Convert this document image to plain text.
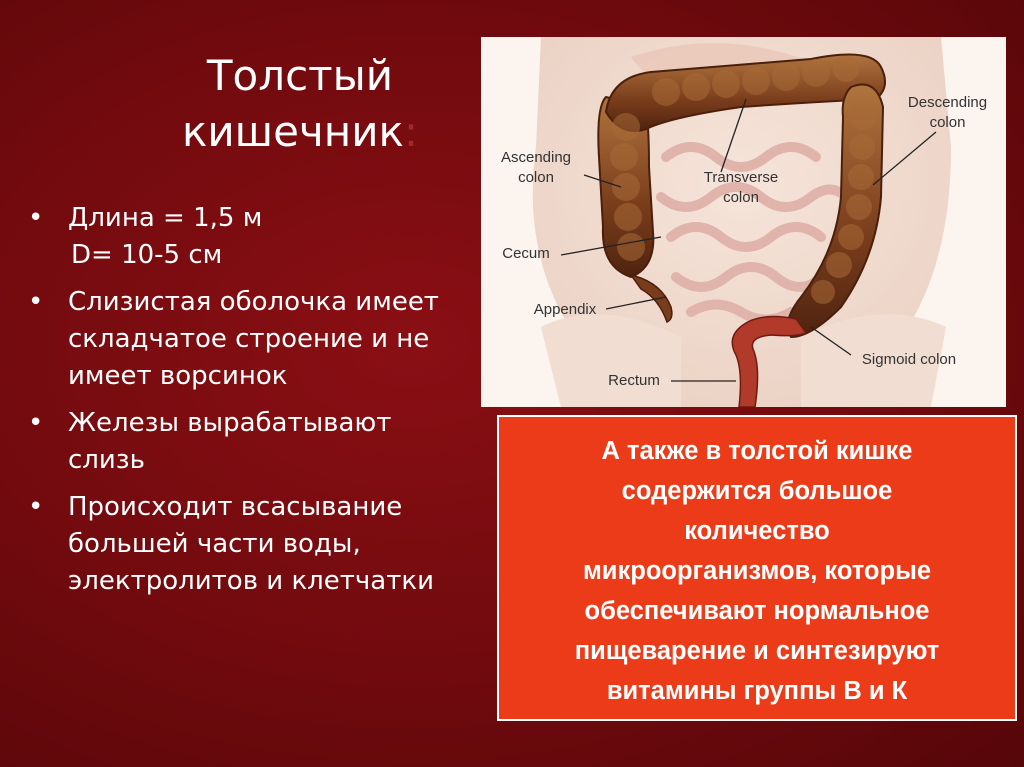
Толстый
кишечник:
• Длина = 1,5 м
D= 10-5 см
• Слизистая оболочка имеет складчатое строение и не имеет ворсинок
• Железы вырабатывают слизь
• Происходит всасывание большей части воды, электролитов и клетчатки
Ascending
colon	Transverse
colon
Descending
colon
Cecum
Appendix
Sigmoid colon
Rectum
А также в толстой кишке
содержится большое
количество
микроорганизмов, которые
обеспечивают нормальное
пищеварение и синтезируют
витамины группы В и К
